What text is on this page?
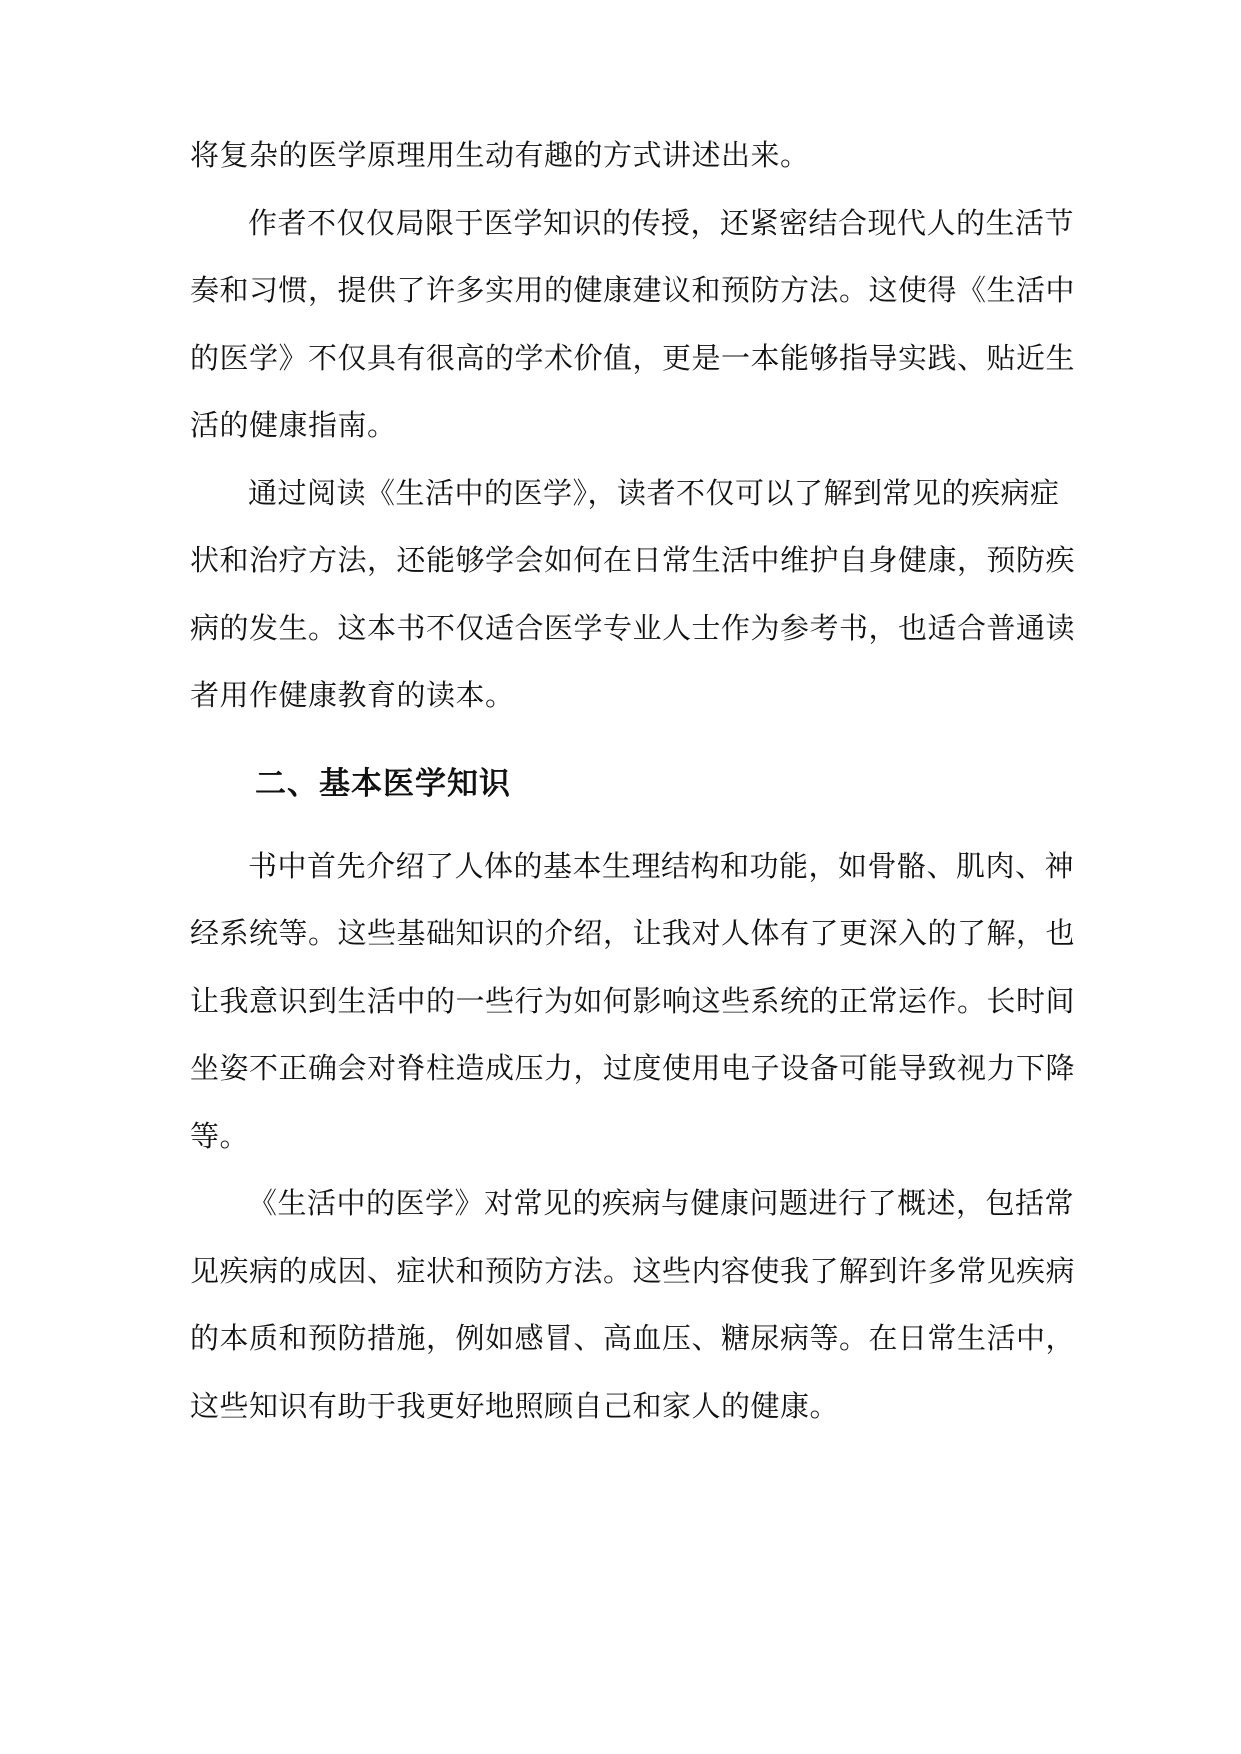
将复杂的医学原理用生动有趣的方式讲述出来。
作者不仅仅局限于医学知识的传授，还紧密结合现代人的生活节
奏和习惯，提供了许多实用的健康建议和预防方法。这使得《生活中
的医学》不仅具有很高的学术价值，更是一本能够指导实践、贴近生
活的健康指南。
通过阅读《生活中的医学》，读者不仅可以了解到常见的疾病症
状和治疗方法，还能够学会如何在日常生活中维护自身健康，预防疾
病的发生。这本书不仅适合医学专业人士作为参考书，也适合普通读
者用作健康教育的读本。
二、基本医学知识
书中首先介绍了人体的基本生理结构和功能，如骨骼、肌肉、神
经系统等。这些基础知识的介绍，让我对人体有了更深入的了解，也
让我意识到生活中的一些行为如何影响这些系统的正常运作。长时间
坐姿不正确会对脊柱造成压力，过度使用电子设备可能导致视力下降
等。
《生活中的医学》对常见的疾病与健康问题进行了概述，包括常
见疾病的成因、症状和预防方法。这些内容使我了解到许多常见疾病
的本质和预防措施，例如感冒、高血压、糖尿病等。在日常生活中，
这些知识有助于我更好地照顾自己和家人的健康。
